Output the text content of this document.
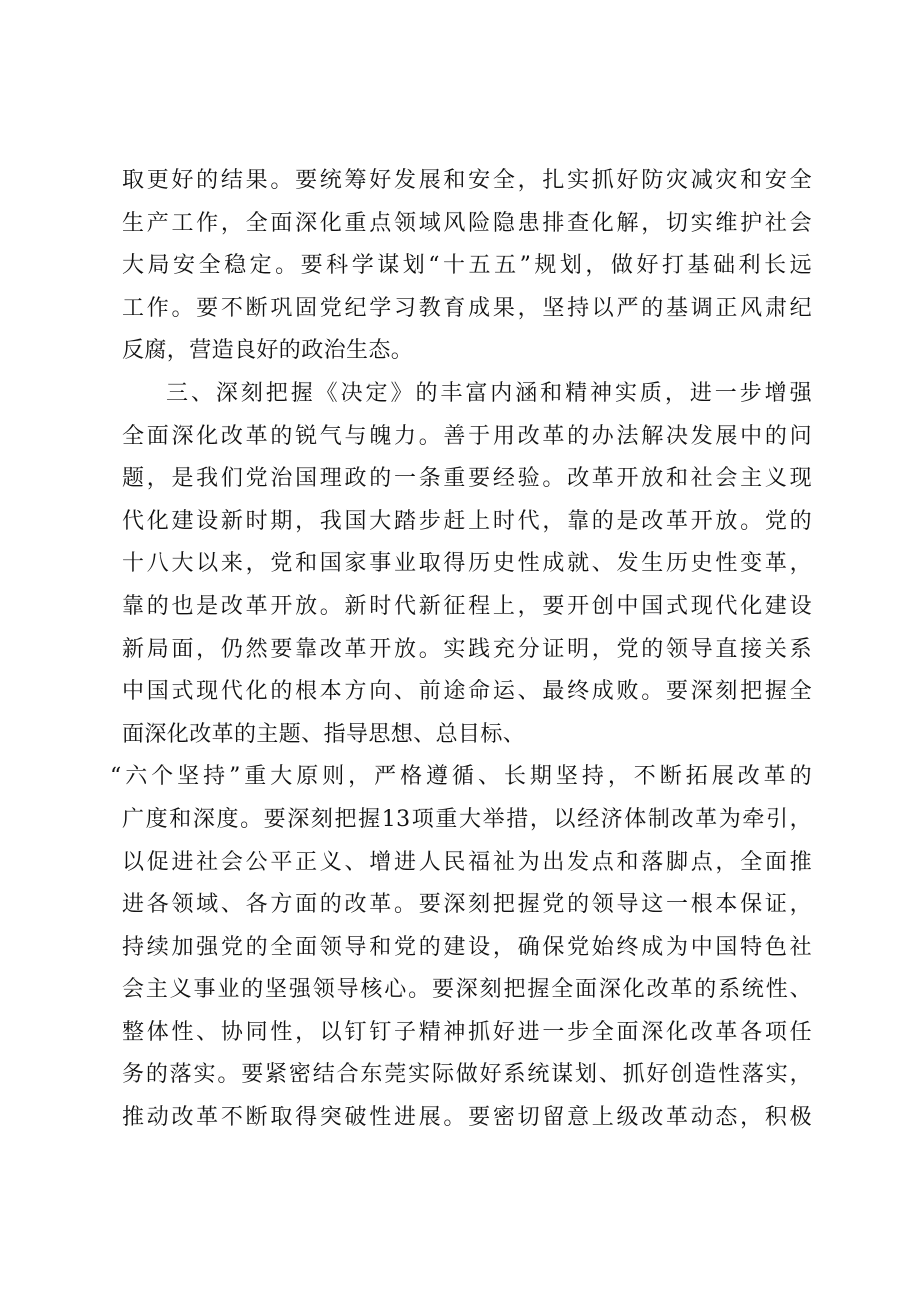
取更好的结果。要统筹好发展和安全，扎实抓好防灾减灾和安全
生产工作，全面深化重点领域风险隐患排查化解，切实维护社会
大局安全稳定。要科学谋划“十五五”规划，做好打基础利长远
工作。要不断巩固党纪学习教育成果，坚持以严的基调正风肃纪
反腐，营造良好的政治生态。
三、深刻把握《决定》的丰富内涵和精神实质，进一步增强
全面深化改革的锐气与魄力。善于用改革的办法解决发展中的问
题，是我们党治国理政的一条重要经验。改革开放和社会主义现
代化建设新时期，我国大踏步赶上时代，靠的是改革开放。党的
十八大以来，党和国家事业取得历史性成就、发生历史性变革，
靠的也是改革开放。新时代新征程上，要开创中国式现代化建设
新局面，仍然要靠改革开放。实践充分证明，党的领导直接关系
中国式现代化的根本方向、前途命运、最终成败。要深刻把握全
面深化改革的主题、指导思想、总目标、
“六个坚持”重大原则，严格遵循、长期坚持，不断拓展改革的
广度和深度。要深刻把握13项重大举措，以经济体制改革为牵引，
以促进社会公平正义、增进人民福祉为出发点和落脚点，全面推
进各领域、各方面的改革。要深刻把握党的领导这一根本保证，
持续加强党的全面领导和党的建设，确保党始终成为中国特色社
会主义事业的坚强领导核心。要深刻把握全面深化改革的系统性、
整体性、协同性，以钉钉子精神抓好进一步全面深化改革各项任
务的落实。要紧密结合东莞实际做好系统谋划、抓好创造性落实，
推动改革不断取得突破性进展。要密切留意上级改革动态，积极
